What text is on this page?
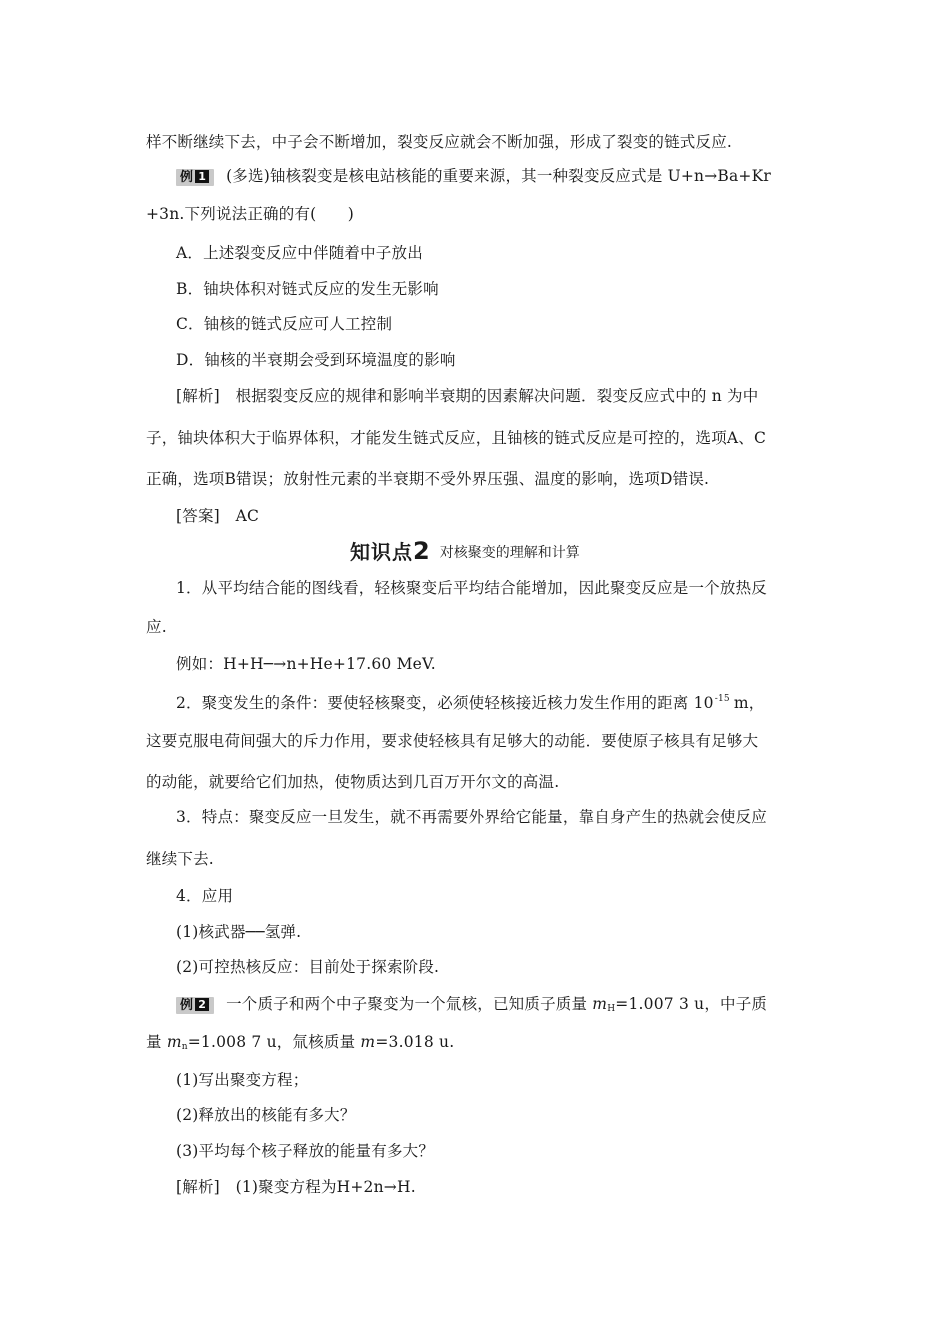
样不断继续下去，中子会不断增加，裂变反应就会不断加强，形成了裂变的链式反应.
例 1 (多选)铀核裂变是核电站核能的重要来源，其一种裂变反应式是 U+n→Ba+Kr
+3n.下列说法正确的有(　　)
A．上述裂变反应中伴随着中子放出
B．铀块体积对链式反应的发生无影响
C．铀核的链式反应可人工控制
D．铀核的半衰期会受到环境温度的影响
[解析]　根据裂变反应的规律和影响半衰期的因素解决问题．裂变反应式中的 n 为中
子，铀块体积大于临界体积，才能发生链式反应，且铀核的链式反应是可控的，选项A、C
正确，选项B错误；放射性元素的半衰期不受外界压强、温度的影响，选项D错误.
[答案]　AC
知识点2 对核聚变的理解和计算
1．从平均结合能的图线看，轻核聚变后平均结合能增加，因此聚变反应是一个放热反
应.
例如：H+H─→n+He+17.60 MeV.
2．聚变发生的条件：要使轻核聚变，必须使轻核接近核力发生作用的距离 $10^{-15}$ m，
这要克服电荷间强大的斥力作用，要求使轻核具有足够大的动能．要使原子核具有足够大
的动能，就要给它们加热，使物质达到几百万开尔文的高温.
3．特点：聚变反应一旦发生，就不再需要外界给它能量，靠自身产生的热就会使反应
继续下去.
4．应用
(1)核武器──氢弹.
(2)可控热核反应：目前处于探索阶段.
例 2 一个质子和两个中子聚变为一个氚核，已知质子质量 $m_H=1.007$ 3 u，中子质
量 $m_n=1.008$ 7 u，氚核质量 m=3.018 u.
(1)写出聚变方程；
(2)释放出的核能有多大？
(3)平均每个核子释放的能量有多大？
[解析]　(1)聚变方程为H+2n→H.
